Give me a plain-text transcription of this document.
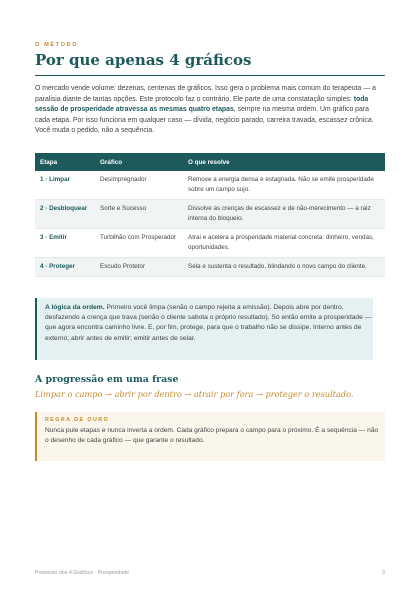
O MÉTODO
Por que apenas 4 gráficos

O mercado vende volume: dezenas, centenas de gráficos. Isso gera o problema mais comum do terapeuta — a paralisia diante de tantas opções. Este protocolo faz o contrário. Ele parte de uma constatação simples: toda sessão de prosperidade atravessa as mesmas quatro etapas, sempre na mesma ordem. Um gráfico para cada etapa. Por isso funciona em qualquer caso — dívida, negócio parado, carreira travada, escassez crônica. Você muda o pedido, não a sequência.

Etapa	Gráfico	O que resolve
1 · Limpar	Desimpregnador	Remove a energia densa e estagnada. Não se emite prosperidade sobre um campo sujo.
2 · Desbloquear	Sorte e Sucesso	Dissolve as crenças de escassez e de não-merecimento — a raiz interna do bloqueio.
3 · Emitir	Turbilhão com Prosperador	Atrai e acelera a prosperidade material concreta: dinheiro, vendas, oportunidades.
4 · Proteger	Escudo Protetor	Sela e sustenta o resultado, blindando o novo campo do cliente.

A lógica da ordem. Primeiro você limpa (senão o campo rejeita a emissão). Depois abre por dentro, desfazendo a crença que trava (senão o cliente sabota o próprio resultado). Só então emite a prosperidade — que agora encontra caminho livre. E, por fim, protege, para que o trabalho não se dissipe. Interno antes de externo; abrir antes de emitir; emitir antes de selar.

A progressão em uma frase
Limpar o campo → abrir por dentro → atrair por fora → proteger o resultado.
REGRA DE OURO

Nunca pule etapas e nunca inverta a ordem. Cada gráfico prepara o campo para o próximo. É a sequência — não o desenho de cada gráfico — que garante o resultado.

Protocolo dos 4 Gráficos · Prosperidade	3
